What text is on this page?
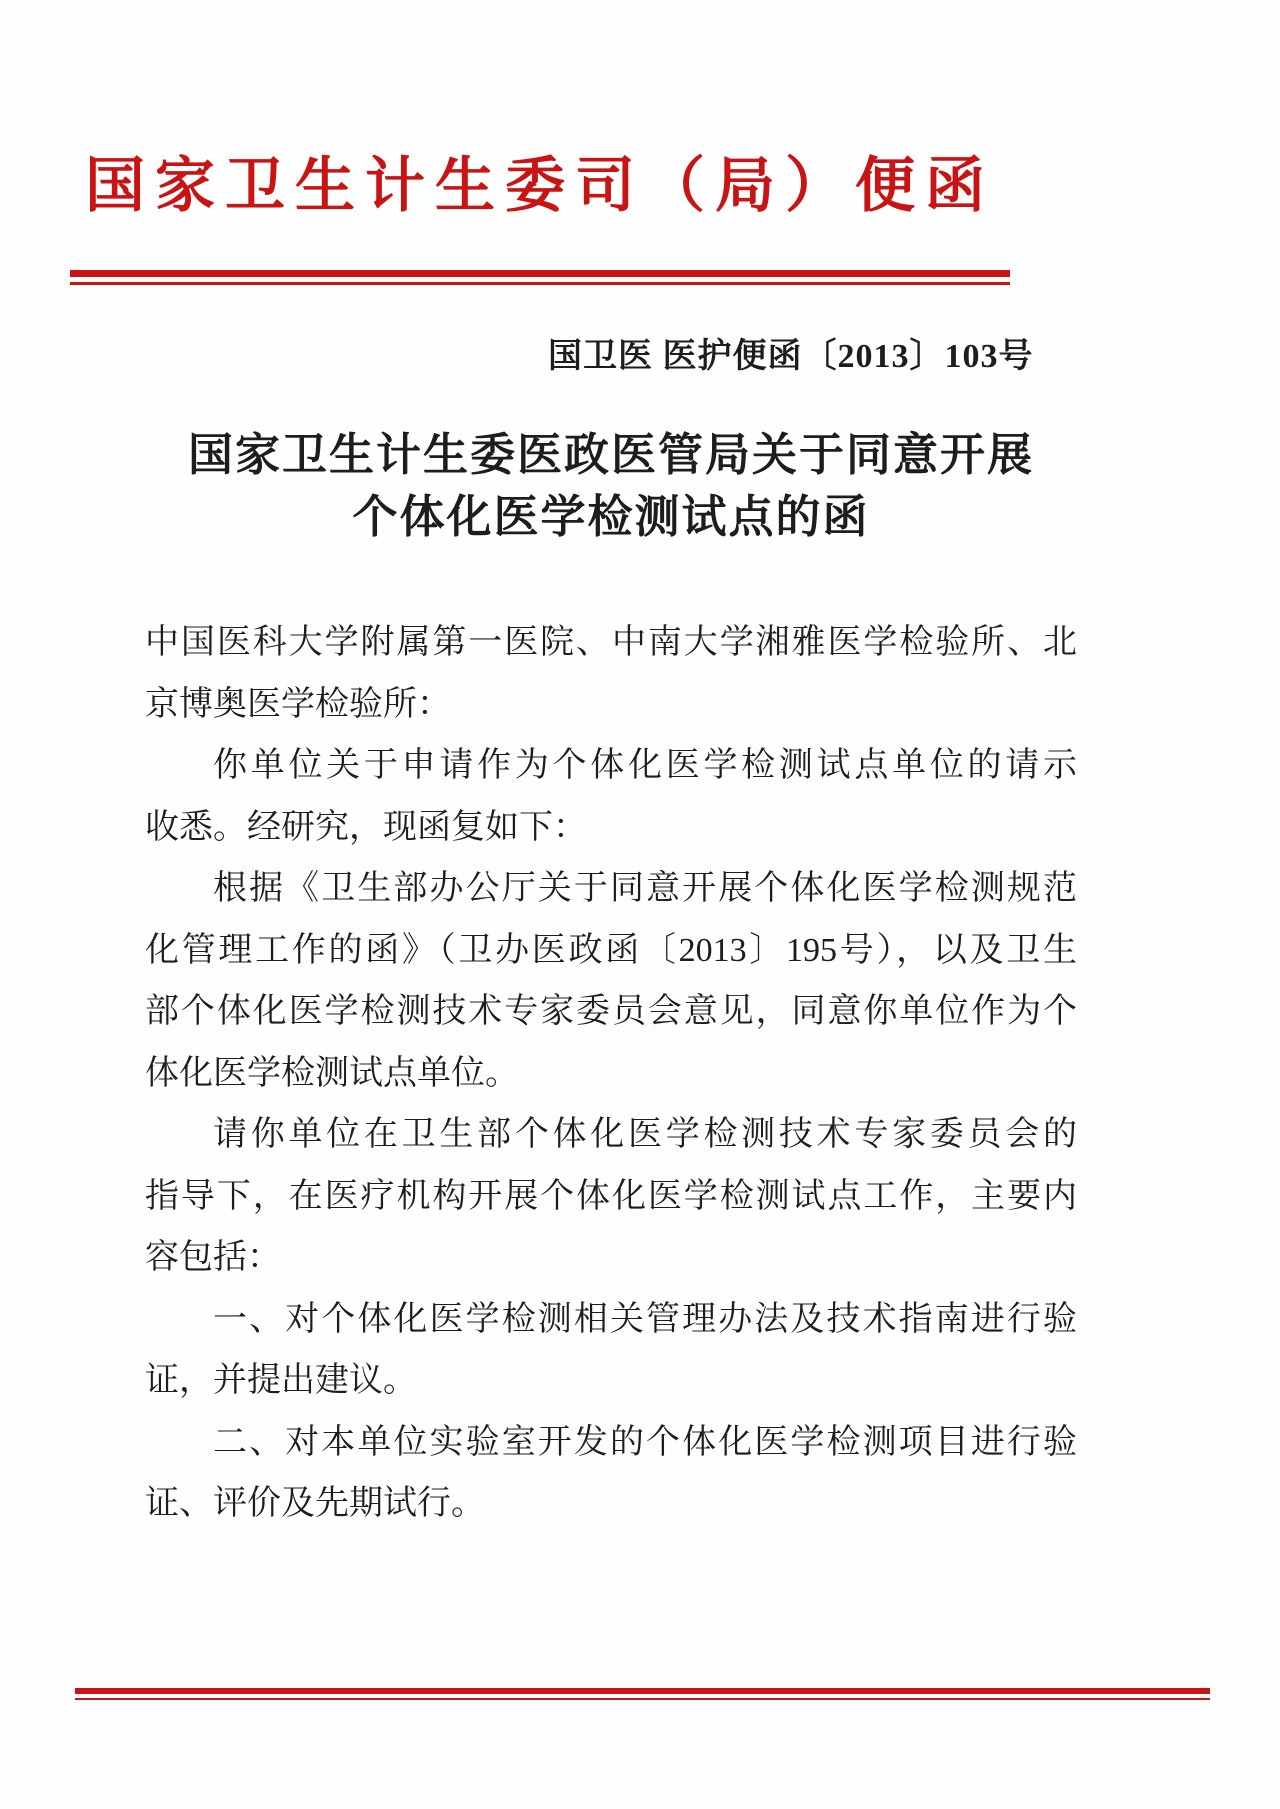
国家卫生计生委司（局）便函
国卫医 医护便函〔2013〕103号
国家卫生计生委医政医管局关于同意开展
个体化医学检测试点的函
中国医科大学附属第一医院、中南大学湘雅医学检验所、北
京博奥医学检验所：
你单位关于申请作为个体化医学检测试点单位的请示
收悉。经研究，现函复如下：
根据《卫生部办公厅关于同意开展个体化医学检测规范
化管理工作的函》（卫办医政函〔2013〕195号），以及卫生
部个体化医学检测技术专家委员会意见，同意你单位作为个
体化医学检测试点单位。
请你单位在卫生部个体化医学检测技术专家委员会的
指导下，在医疗机构开展个体化医学检测试点工作，主要内
容包括：
一、对个体化医学检测相关管理办法及技术指南进行验
证，并提出建议。
二、对本单位实验室开发的个体化医学检测项目进行验
证、评价及先期试行。
